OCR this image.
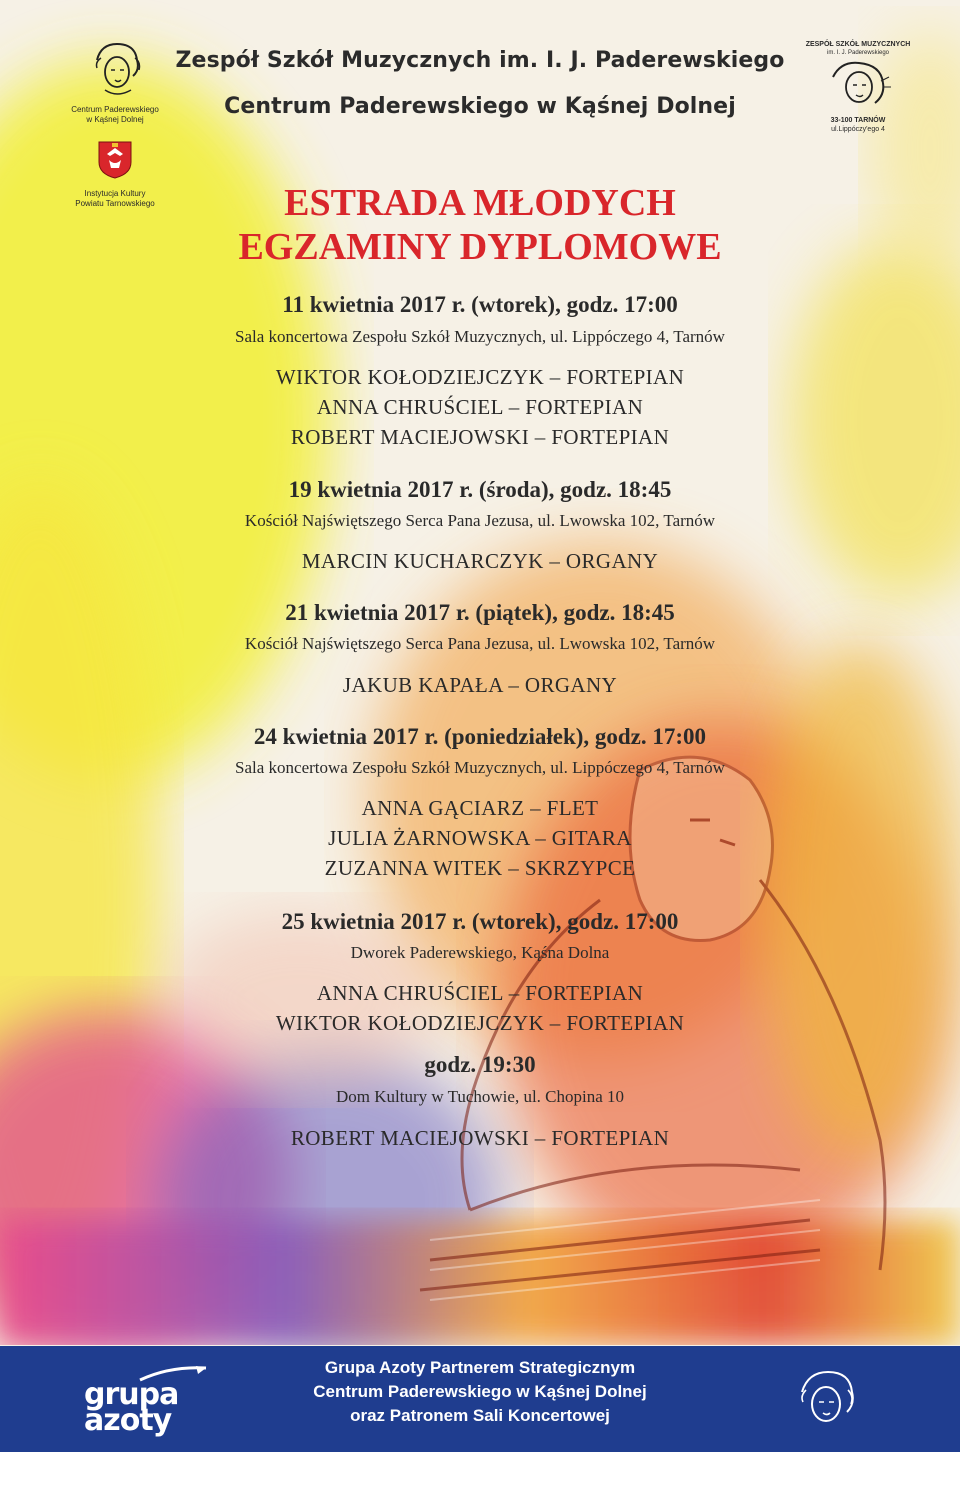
Centrum Paderewskiego
w Kąśnej Dolnej
Instytucja Kultury
Powiatu Tarnowskiego
ZESPÓŁ SZKÓŁ MUZYCZNYCH
im. I. J. Paderewskiego
33-100 TARNÓW
ul.Lippóczy'ego 4
Zespół Szkół Muzycznych im. I. J. Paderewskiego
Centrum Paderewskiego w Kąśnej Dolnej
ESTRADA MŁODYCH
EGZAMINY DYPLOMOWE
11 kwietnia 2017 r. (wtorek), godz. 17:00
Sala koncertowa Zespołu Szkół Muzycznych, ul. Lippóczego 4, Tarnów
WIKTOR KOŁODZIEJCZYK – FORTEPIAN
ANNA CHRUŚCIEL – FORTEPIAN
ROBERT MACIEJOWSKI – FORTEPIAN
19 kwietnia 2017 r. (środa), godz. 18:45
Kościół Najświętszego Serca Pana Jezusa, ul. Lwowska 102, Tarnów
MARCIN KUCHARCZYK – ORGANY
21 kwietnia 2017 r. (piątek), godz. 18:45
Kościół Najświętszego Serca Pana Jezusa, ul. Lwowska 102, Tarnów
JAKUB KAPAŁA – ORGANY
24 kwietnia 2017 r. (poniedziałek), godz. 17:00
Sala koncertowa Zespołu Szkół Muzycznych, ul. Lippóczego 4, Tarnów
ANNA GĄCIARZ – FLET
JULIA ŻARNOWSKA – GITARA
ZUZANNA WITEK – SKRZYPCE
25 kwietnia 2017 r. (wtorek), godz. 17:00
Dworek Paderewskiego, Kąśna Dolna
ANNA CHRUŚCIEL – FORTEPIAN
WIKTOR KOŁODZIEJCZYK – FORTEPIAN
godz. 19:30
Dom Kultury w Tuchowie, ul. Chopina 10
ROBERT MACIEJOWSKI – FORTEPIAN
grupa
azoty
Grupa Azoty Partnerem Strategicznym
Centrum Paderewskiego w Kąśnej Dolnej
oraz Patronem Sali Koncertowej
